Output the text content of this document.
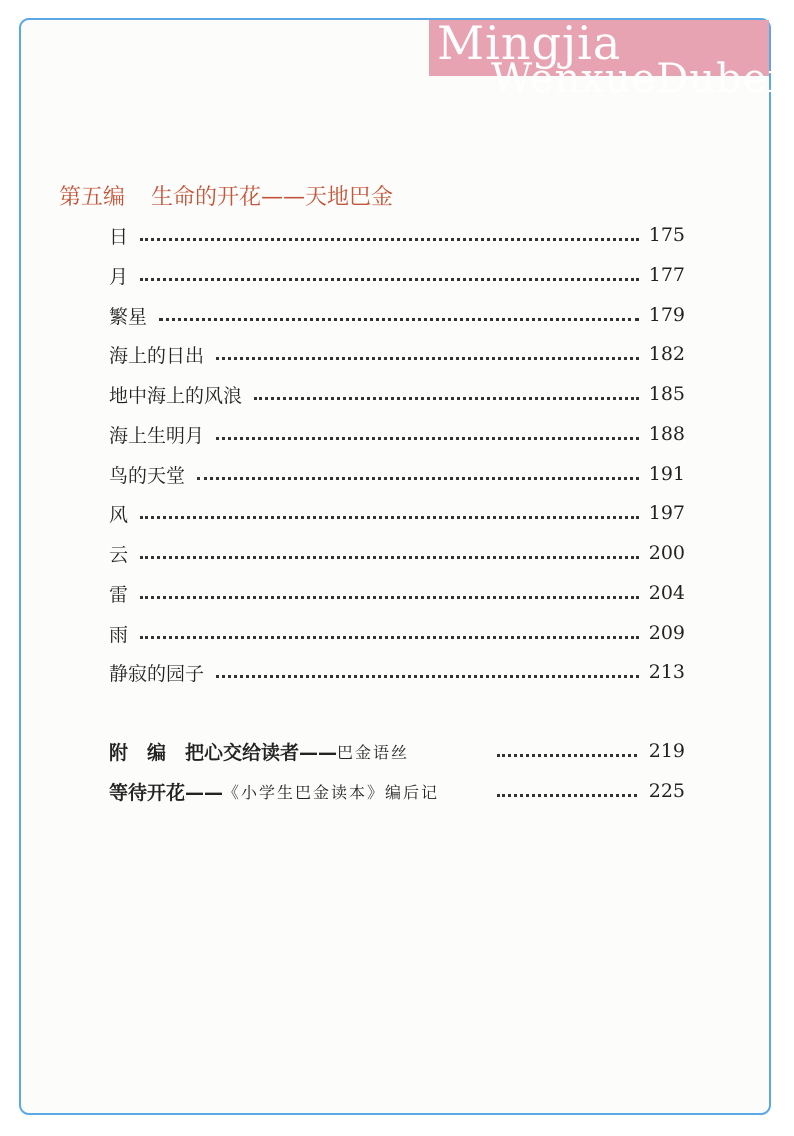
Mingjia
WenxueDuben
第五编 生命的开花——天地巴金
日	175
月	177
繁星	179
海上的日出	182
地中海上的风浪	185
海上生明月	188
鸟的天堂	191
风	197
云	200
雷	204
雨	209
静寂的园子	213
附　编　把心交给读者—— 巴金语丝	219
等待开花—— 《小学生巴金读本》编后记	225
